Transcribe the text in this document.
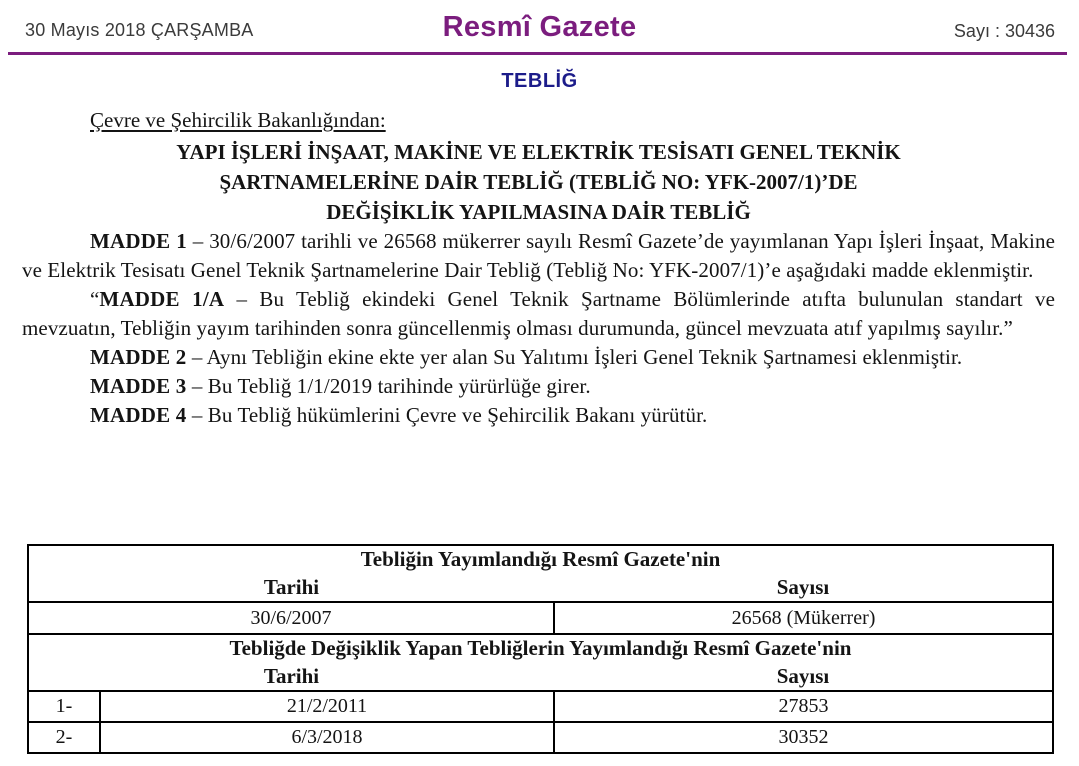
30 Mayıs 2018 ÇARŞAMBA	Resmî Gazete	Sayı : 30436
TEBLİĞ
Çevre ve Şehircilik Bakanlığından:
YAPI İŞLERİ İNŞAAT, MAKİNE VE ELEKTRİK TESİSATI GENEL TEKNİK
ŞARTNAMELERİNE DAİR TEBLİĞ (TEBLİĞ NO: YFK-2007/1)’DE
DEĞİŞİKLİK YAPILMASINA DAİR TEBLİĞ

MADDE 1 – 30/6/2007 tarihli ve 26568 mükerrer sayılı Resmî Gazete’de yayımlanan Yapı İşleri İnşaat, Makine ve Elektrik Tesisatı Genel Teknik Şartnamelerine Dair Tebliğ (Tebliğ No: YFK-2007/1)’e aşağıdaki madde eklenmiştir.

“MADDE 1/A – Bu Tebliğ ekindeki Genel Teknik Şartname Bölümlerinde atıfta bulunulan standart ve mevzuatın, Tebliğin yayım tarihinden sonra güncellenmiş olması durumunda, güncel mevzuata atıf yapılmış sayılır.”

MADDE 2 – Aynı Tebliğin ekine ekte yer alan Su Yalıtımı İşleri Genel Teknik Şartnamesi eklenmiştir.

MADDE 3 – Bu Tebliğ 1/1/2019 tarihinde yürürlüğe girer.

MADDE 4 – Bu Tebliğ hükümlerini Çevre ve Şehircilik Bakanı yürütür.

Tebliğin Yayımlandığı Resmî Gazete'nin		
Tarihi		Sayısı
30/6/2007		26568 (Mükerrer)
Tebliğde Değişiklik Yapan Tebliğlerin Yayımlandığı Resmî Gazete'nin		
Tarihi		Sayısı
1-	21/2/2011	27853
2-	6/3/2018	30352
